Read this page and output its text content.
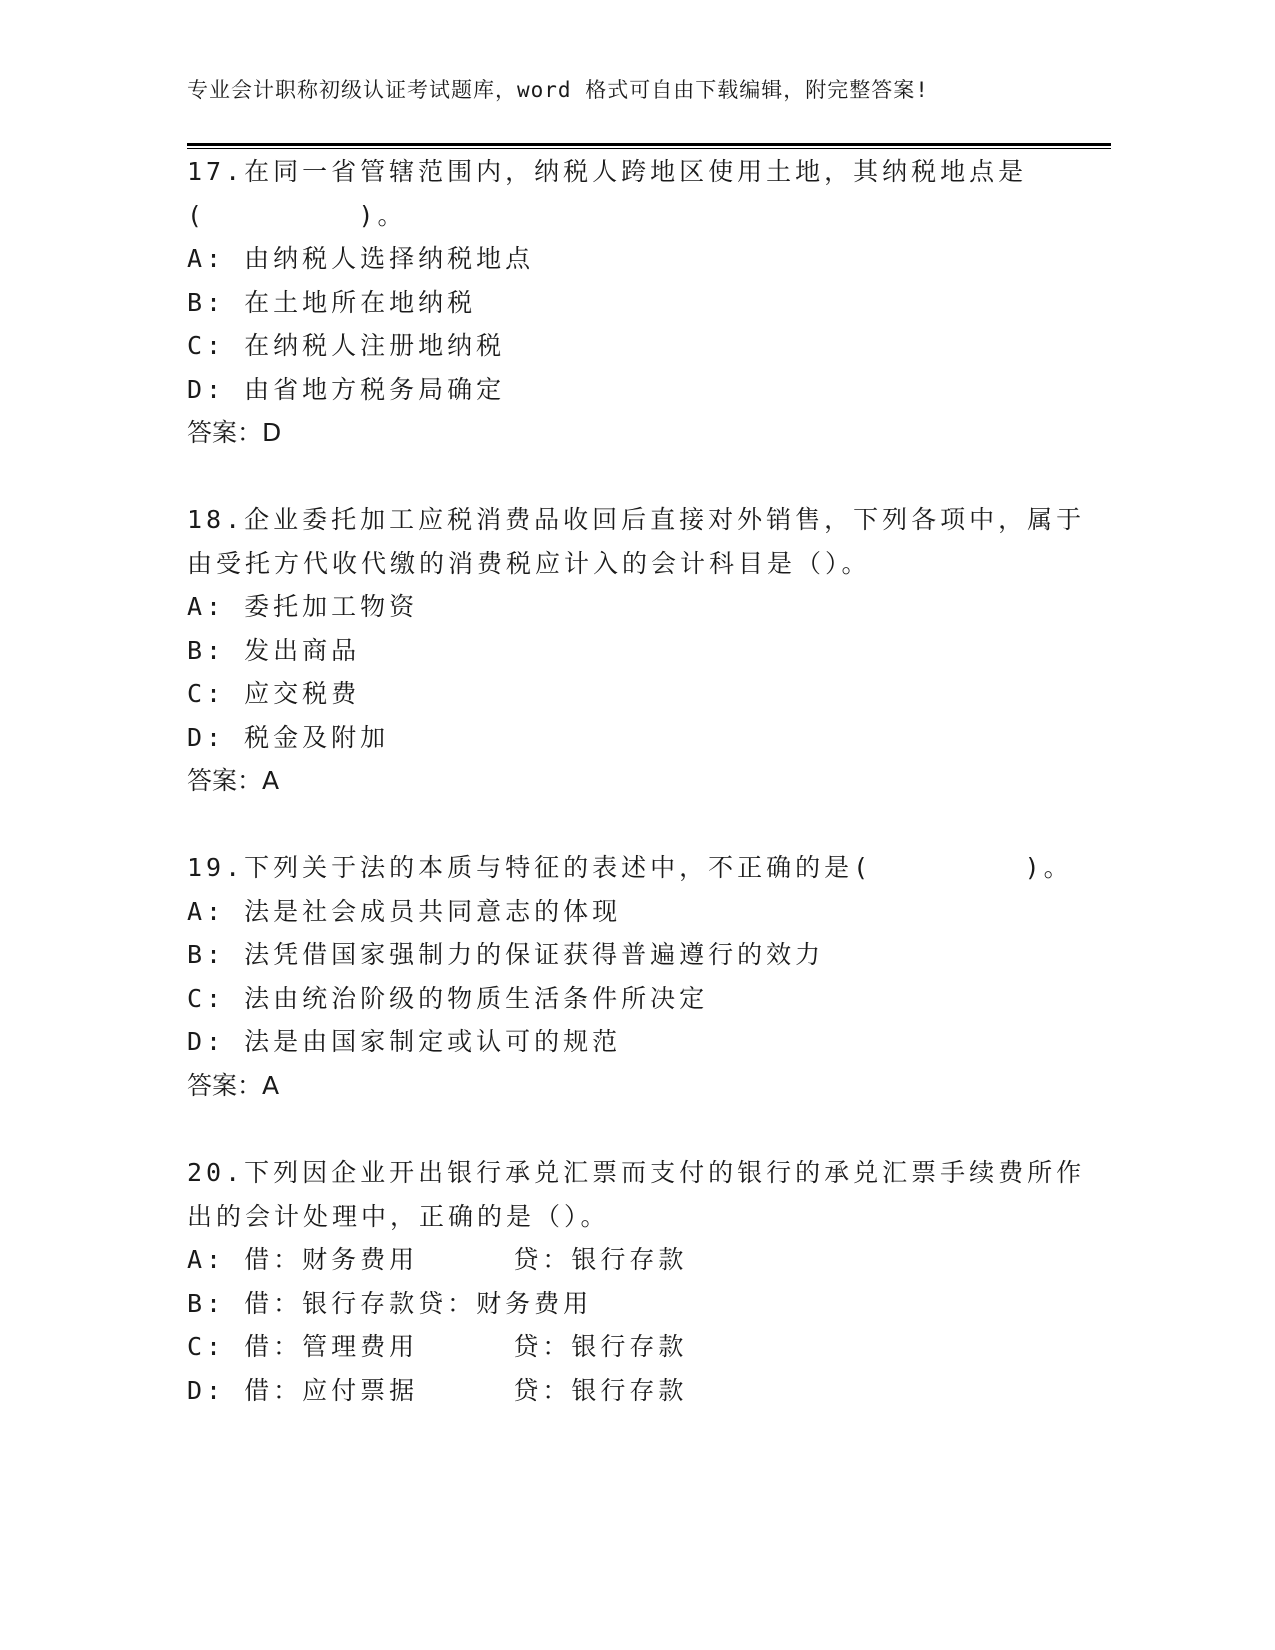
专业会计职称初级认证考试题库，word 格式可自由下载编辑，附完整答案!
17.在同一省管辖范围内，纳税人跨地区使用土地，其纳税地点是
(        )。
A: 由纳税人选择纳税地点
B: 在土地所在地纳税
C: 在纳税人注册地纳税
D: 由省地方税务局确定
答案：D
18.企业委托加工应税消费品收回后直接对外销售，下列各项中，属于
由受托方代收代缴的消费税应计入的会计科目是（）。
A: 委托加工物资
B: 发出商品
C: 应交税费
D: 税金及附加
答案：A
19.下列关于法的本质与特征的表述中，不正确的是(        )。
A: 法是社会成员共同意志的体现
B: 法凭借国家强制力的保证获得普遍遵行的效力
C: 法由统治阶级的物质生活条件所决定
D: 法是由国家制定或认可的规范
答案：A
20.下列因企业开出银行承兑汇票而支付的银行的承兑汇票手续费所作
出的会计处理中，正确的是（）。
A: 借：财务费用     贷：银行存款
B: 借：银行存款贷：财务费用
C: 借：管理费用     贷：银行存款
D: 借：应付票据     贷：银行存款
